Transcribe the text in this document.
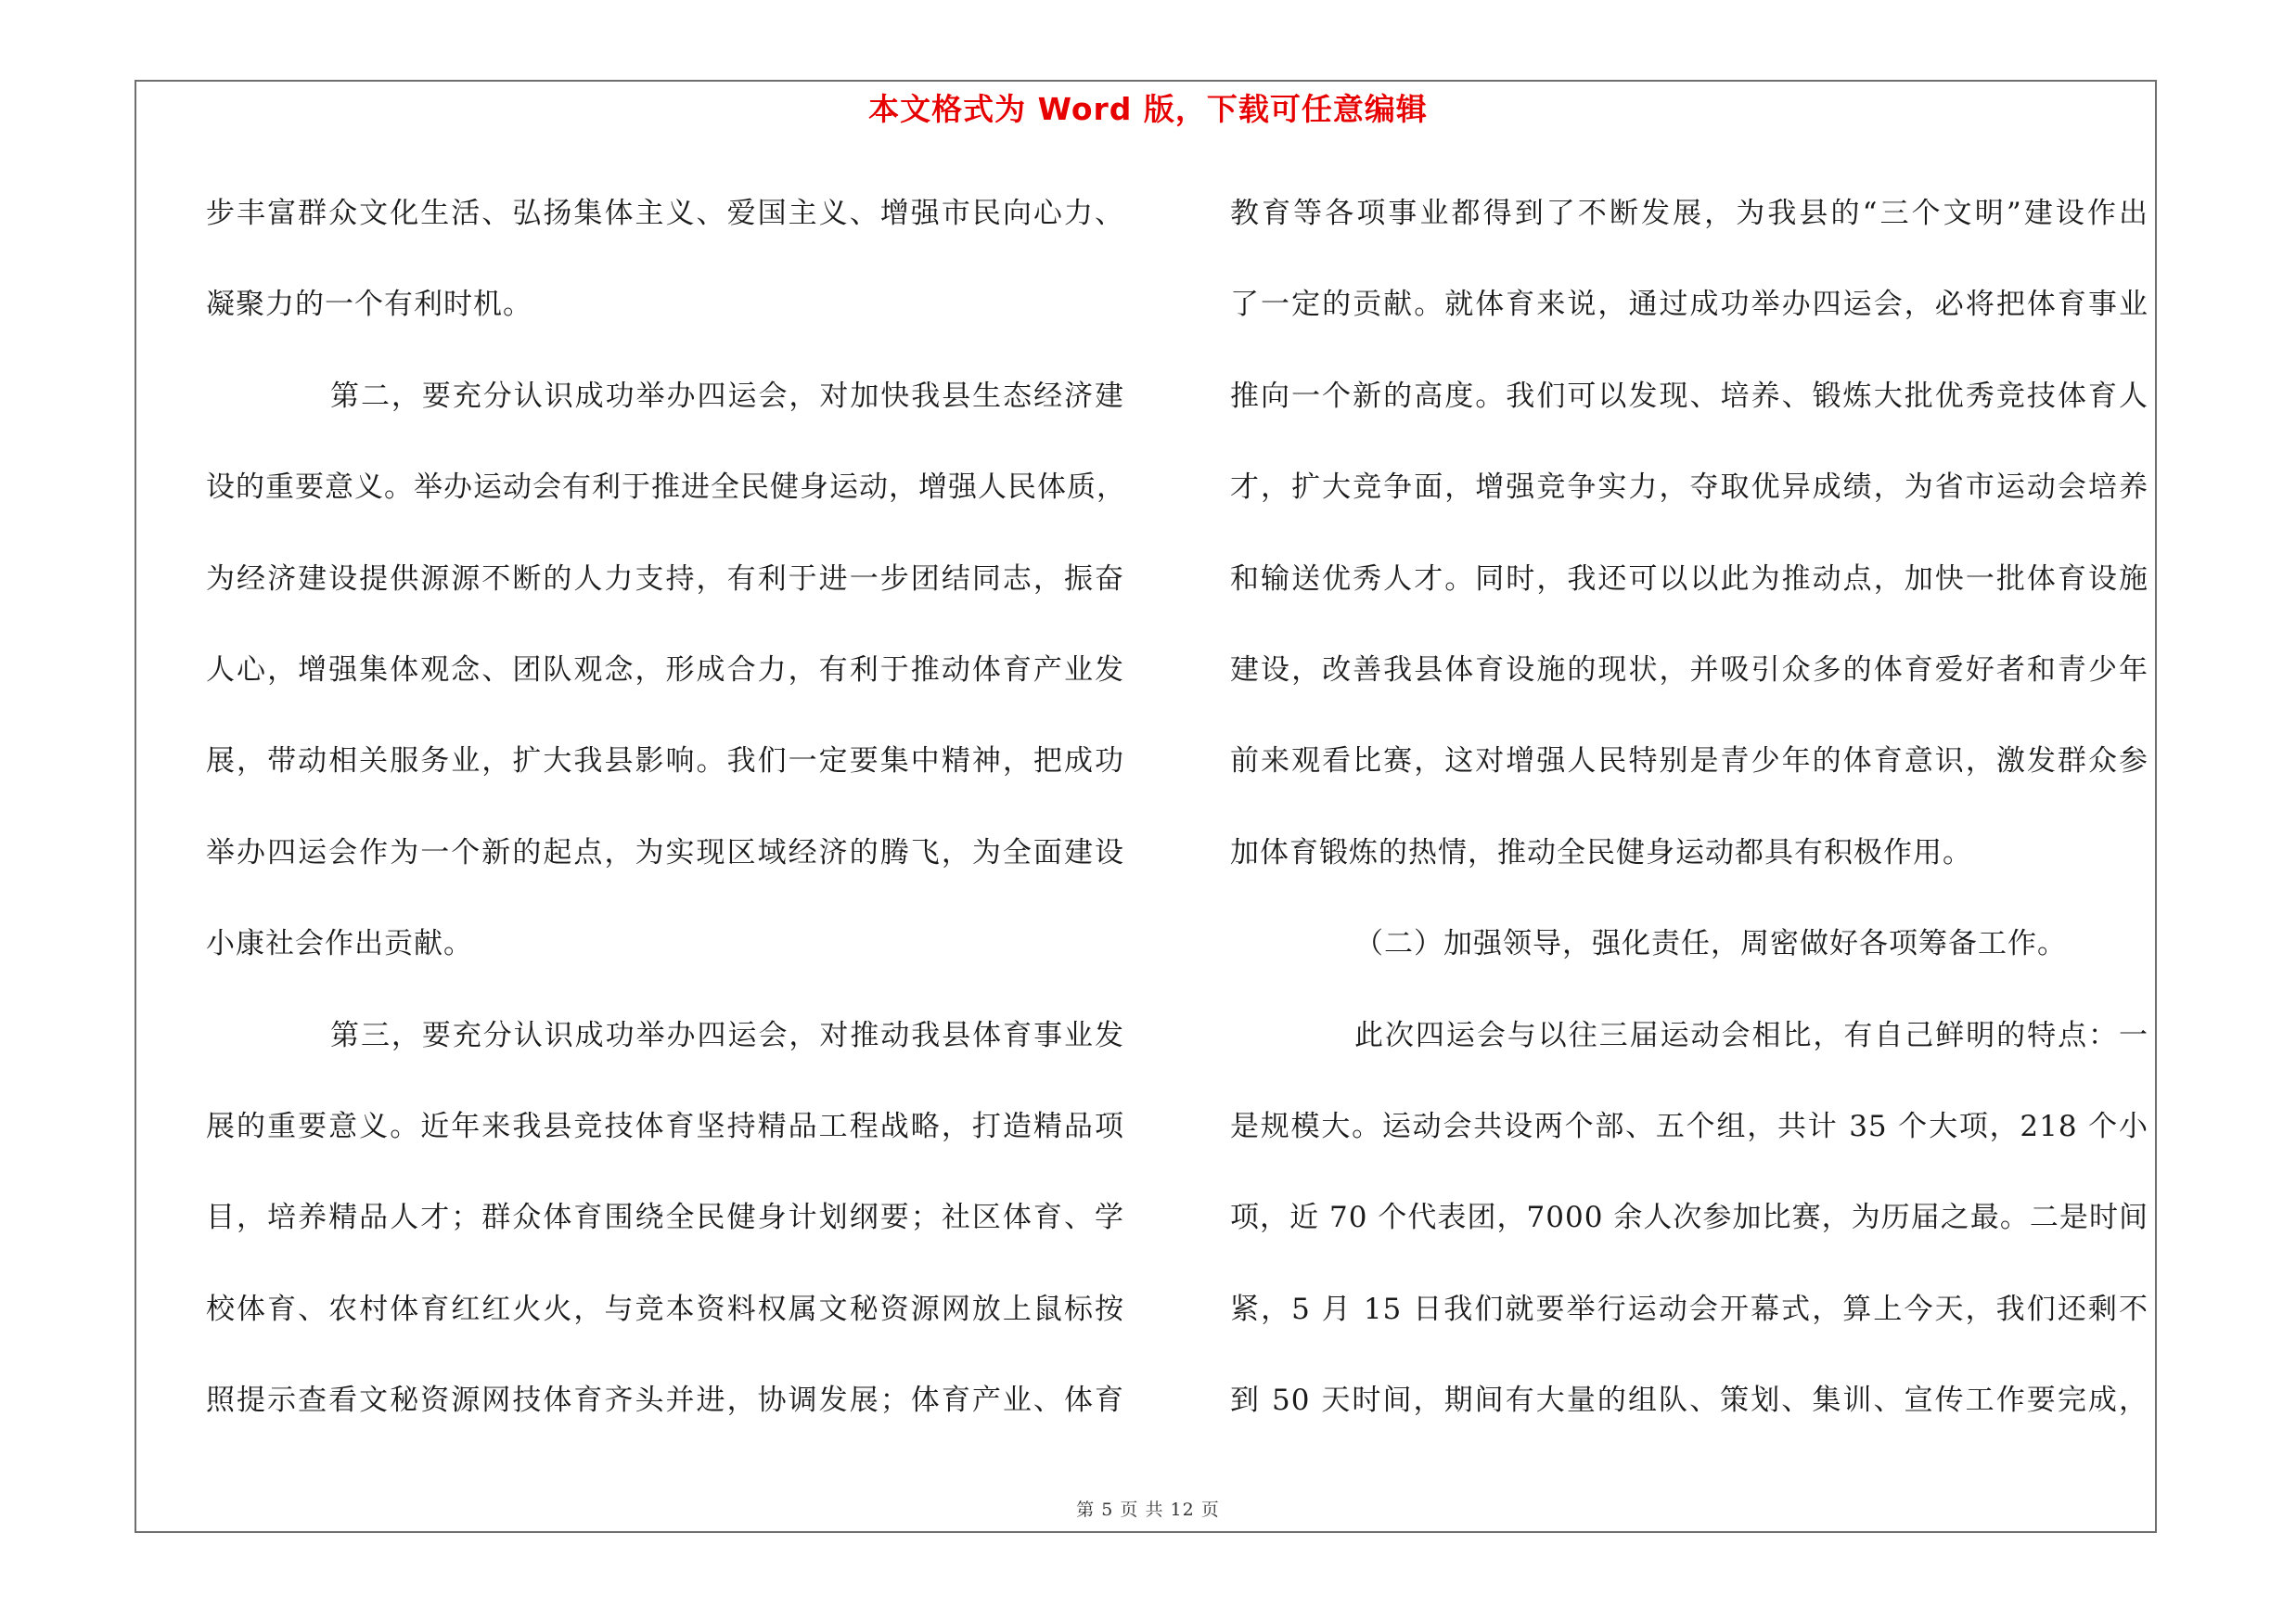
本文格式为 Word 版，下载可任意编辑
步丰富群众文化生活、弘扬集体主义、爱国主义、增强市民向心力、
凝聚力的一个有利时机。
第二，要充分认识成功举办四运会，对加快我县生态经济建
设的重要意义。举办运动会有利于推进全民健身运动，增强人民体质，
为经济建设提供源源不断的人力支持，有利于进一步团结同志，振奋
人心，增强集体观念、团队观念，形成合力，有利于推动体育产业发
展，带动相关服务业，扩大我县影响。我们一定要集中精神，把成功
举办四运会作为一个新的起点，为实现区域经济的腾飞，为全面建设
小康社会作出贡献。
第三，要充分认识成功举办四运会，对推动我县体育事业发
展的重要意义。近年来我县竞技体育坚持精品工程战略，打造精品项
目，培养精品人才；群众体育围绕全民健身计划纲要；社区体育、学
校体育、农村体育红红火火，与竞本资料权属文秘资源网放上鼠标按
照提示查看文秘资源网技体育齐头并进，协调发展；体育产业、体育
教育等各项事业都得到了不断发展，为我县的“三个文明”建设作出
了一定的贡献。就体育来说，通过成功举办四运会，必将把体育事业
推向一个新的高度。我们可以发现、培养、锻炼大批优秀竞技体育人
才，扩大竞争面，增强竞争实力，夺取优异成绩，为省市运动会培养
和输送优秀人才。同时，我还可以以此为推动点，加快一批体育设施
建设，改善我县体育设施的现状，并吸引众多的体育爱好者和青少年
前来观看比赛，这对增强人民特别是青少年的体育意识，激发群众参
加体育锻炼的热情，推动全民健身运动都具有积极作用。
（二）加强领导，强化责任，周密做好各项筹备工作。
此次四运会与以往三届运动会相比，有自己鲜明的特点：一
是规模大。运动会共设两个部、五个组，共计 35 个大项，218 个小
项，近 70 个代表团，7000 余人次参加比赛，为历届之最。二是时间
紧，5 月 15 日我们就要举行运动会开幕式，算上今天，我们还剩不
到 50 天时间，期间有大量的组队、策划、集训、宣传工作要完成，
第 5 页 共 12 页
